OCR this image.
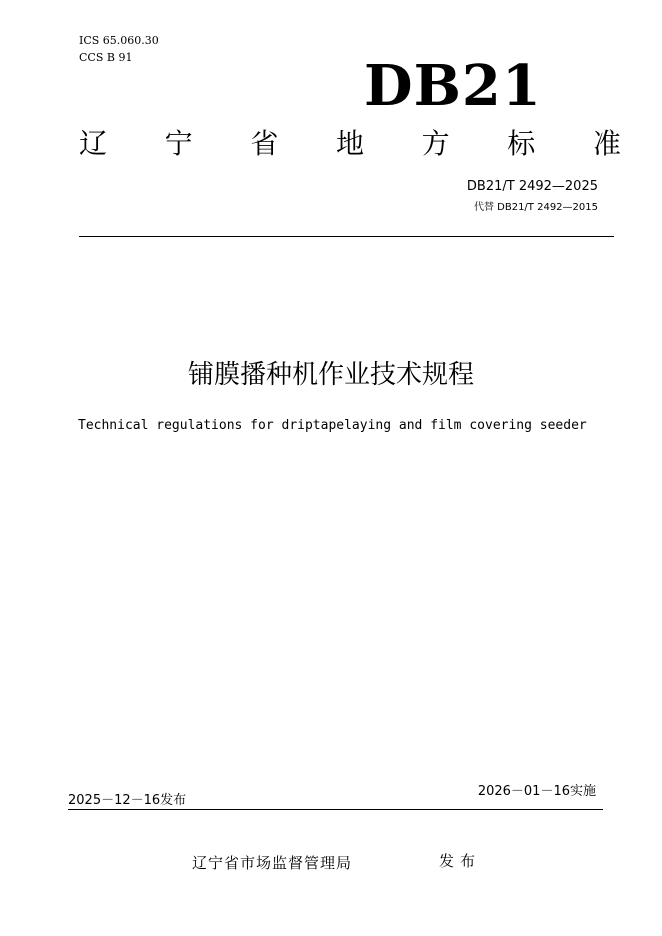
ICS 65.060.30
CCS B 91	DB21
辽 宁 省 地 方 标 准
DB21/T 2492—2025
代替 DB21/T 2492—2015
铺膜播种机作业技术规程
Technical regulations for driptapelaying and film covering seeder
2026－01－16实施
2025－12－16发布
辽宁省市场监督管理局	发布
